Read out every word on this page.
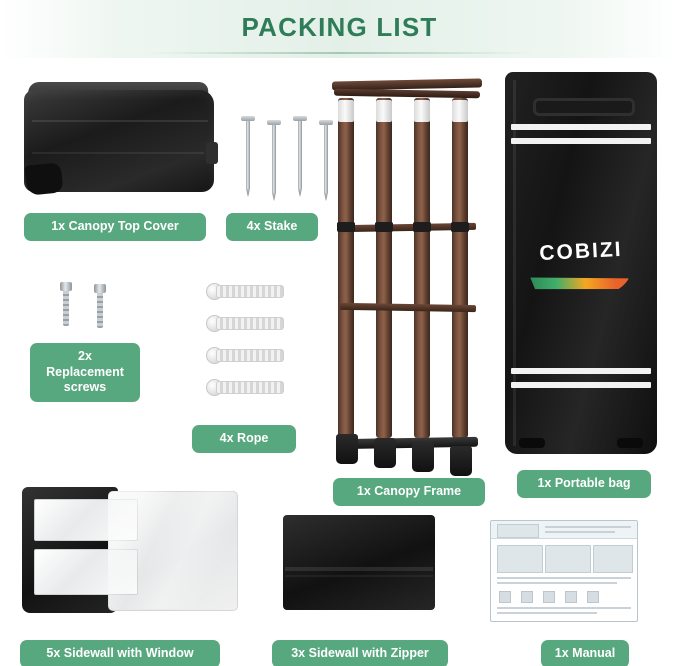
PACKING LIST
1x Canopy Top Cover	4x Stake
2x
Replacement
screws
4x Rope
1x Canopy Frame
COBIZI
1x Portable bag
5x Sidewall with Window	3x Sidewall with Zipper	1x Manual
